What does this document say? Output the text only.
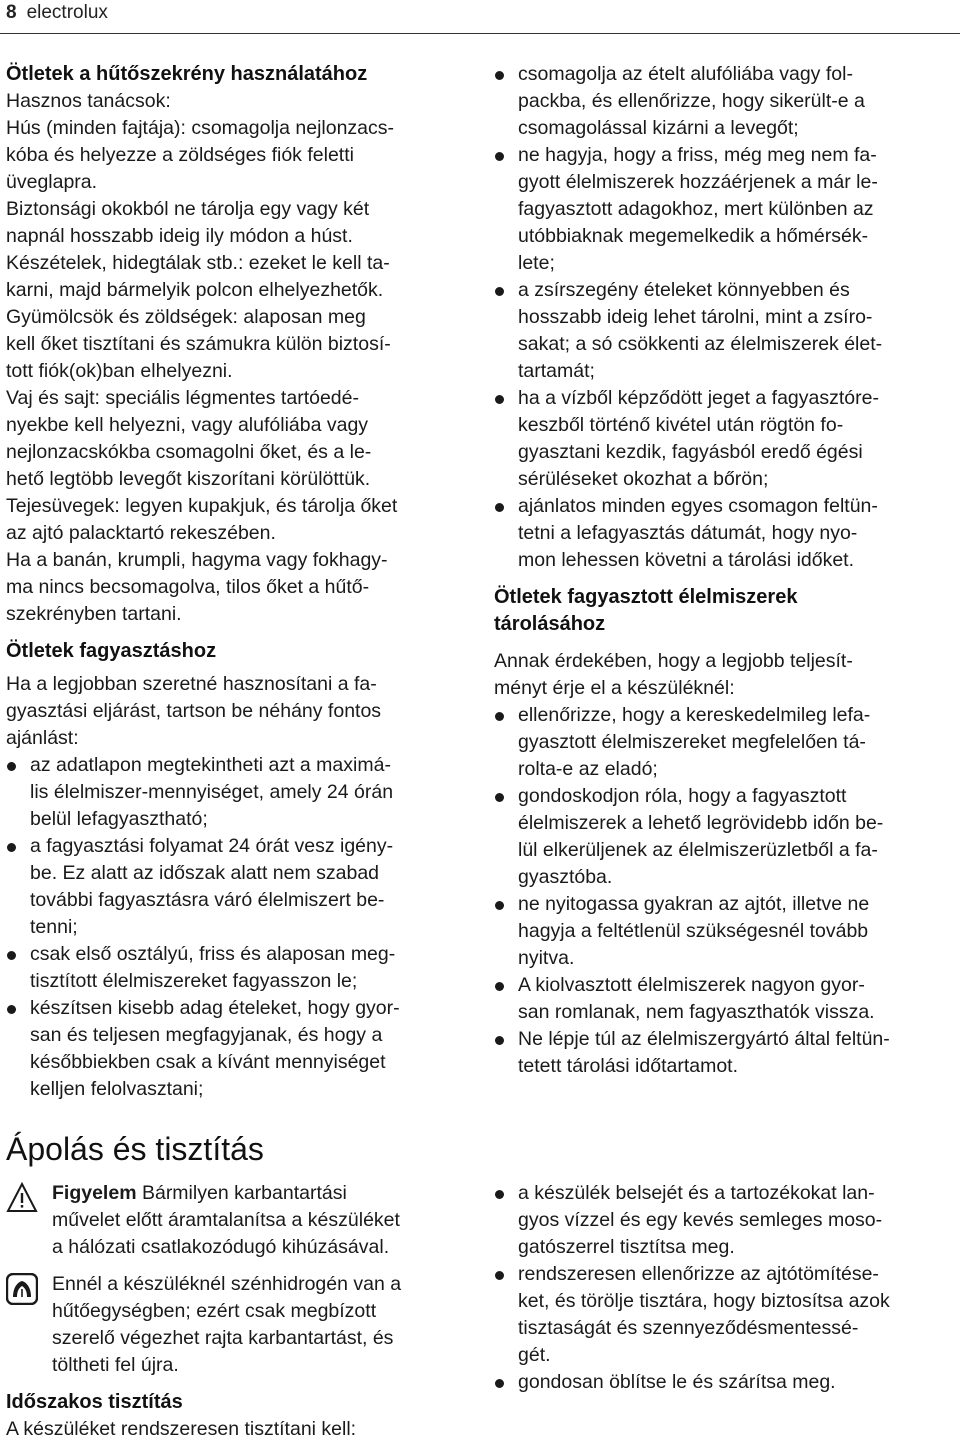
8 electrolux
Ötletek a hűtőszekrény használatához
Hasznos tanácsok:
Hús (minden fajtája): csomagolja nejlonzacs-
kóba és helyezze a zöldséges fiók feletti
üveglapra.
Biztonsági okokból ne tárolja egy vagy két
napnál hosszabb ideig ily módon a húst.
Készételek, hidegtálak stb.: ezeket le kell ta-
karni, majd bármelyik polcon elhelyezhetők.
Gyümölcsök és zöldségek: alaposan meg
kell őket tisztítani és számukra külön biztosí-
tott fiók(ok)ban elhelyezni.
Vaj és sajt: speciális légmentes tartóedé-
nyekbe kell helyezni, vagy alufóliába vagy
nejlonzacskókba csomagolni őket, és a le-
hető legtöbb levegőt kiszorítani körülöttük.
Tejesüvegek: legyen kupakjuk, és tárolja őket
az ajtó palacktartó rekeszében.
Ha a banán, krumpli, hagyma vagy fokhagy-
ma nincs becsomagolva, tilos őket a hűtő-
szekrényben tartani.
Ötletek fagyasztáshoz
Ha a legjobban szeretné hasznosítani a fa-
gyasztási eljárást, tartson be néhány fontos
ajánlást:
az adatlapon megtekintheti azt a maximá-
lis élelmiszer-mennyiséget, amely 24 órán
belül lefagyasztható;
a fagyasztási folyamat 24 órát vesz igény-
be. Ez alatt az időszak alatt nem szabad
további fagyasztásra váró élelmiszert be-
tenni;
csak első osztályú, friss és alaposan meg-
tisztított élelmiszereket fagyasszon le;
készítsen kisebb adag ételeket, hogy gyor-
san és teljesen megfagyjanak, és hogy a
későbbiekben csak a kívánt mennyiséget
kelljen felolvasztani;
csomagolja az ételt alufóliába vagy fol-
packba, és ellenőrizze, hogy sikerült-e a
csomagolással kizárni a levegőt;
ne hagyja, hogy a friss, még meg nem fa-
gyott élelmiszerek hozzáérjenek a már le-
fagyasztott adagokhoz, mert különben az
utóbbiaknak megemelkedik a hőmérsék-
lete;
a zsírszegény ételeket könnyebben és
hosszabb ideig lehet tárolni, mint a zsíro-
sakat; a só csökkenti az élelmiszerek élet-
tartamát;
ha a vízből képződött jeget a fagyasztóre-
keszből történő kivétel után rögtön fo-
gyasztani kezdik, fagyásból eredő égési
sérüléseket okozhat a bőrön;
ajánlatos minden egyes csomagon feltün-
tetni a lefagyasztás dátumát, hogy nyo-
mon lehessen követni a tárolási időket.
Ötletek fagyasztott élelmiszerek
tárolásához
Annak érdekében, hogy a legjobb teljesít-
ményt érje el a készüléknél:
ellenőrizze, hogy a kereskedelmileg lefa-
gyasztott élelmiszereket megfelelően tá-
rolta-e az eladó;
gondoskodjon róla, hogy a fagyasztott
élelmiszerek a lehető legrövidebb időn be-
lül elkerüljenek az élelmiszerüzletből a fa-
gyasztóba.
ne nyitogassa gyakran az ajtót, illetve ne
hagyja a feltétlenül szükségesnél tovább
nyitva.
A kiolvasztott élelmiszerek nagyon gyor-
san romlanak, nem fagyaszthatók vissza.
Ne lépje túl az élelmiszergyártó által feltün-
tetett tárolási időtartamot.
Ápolás és tisztítás
Figyelem Bármilyen karbantartási
művelet előtt áramtalanítsa a készüléket
a hálózati csatlakozódugó kihúzásával.
Ennél a készüléknél szénhidrogén van a
hűtőegységben; ezért csak megbízott
szerelő végezhet rajta karbantartást, és
töltheti fel újra.
Időszakos tisztítás

A készüléket rendszeresen tisztítani kell:

a készülék belsejét és a tartozékokat lan-
gyos vízzel és egy kevés semleges moso-
gatószerrel tisztítsa meg.
rendszeresen ellenőrizze az ajtótömítése-
ket, és törölje tisztára, hogy biztosítsa azok
tisztaságát és szennyeződésmentessé-
gét.
gondosan öblítse le és szárítsa meg.
